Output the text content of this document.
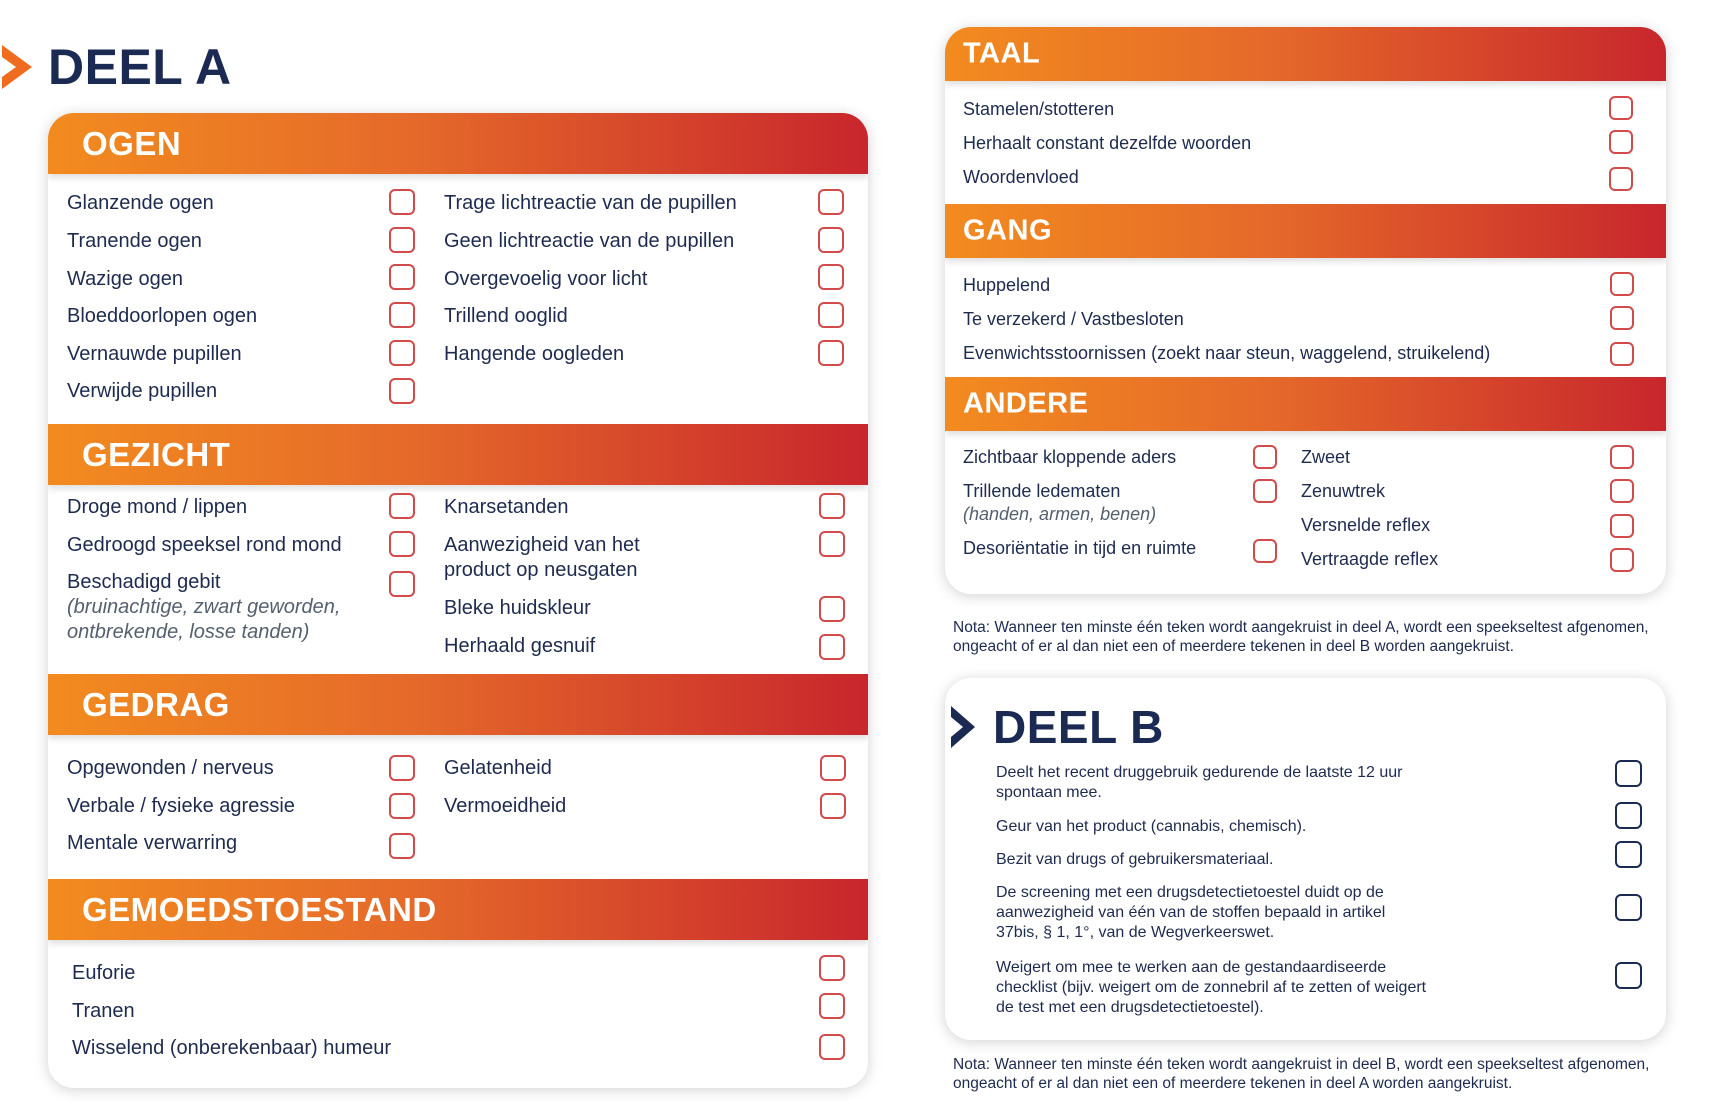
DEEL A
OGEN
Glanzende ogen
Tranende ogen
Wazige ogen
Bloeddoorlopen ogen
Vernauwde pupillen
Verwijde pupillen
Trage lichtreactie van de pupillen
Geen lichtreactie van de pupillen
Overgevoelig voor licht
Trillend ooglid
Hangende oogleden
GEZICHT
Droge mond / lippen
Gedroogd speeksel rond mond
Beschadigd gebit
(bruinachtige, zwart geworden,
ontbrekende, losse tanden)
Knarsetanden
Aanwezigheid van het
product op neusgaten
Bleke huidskleur
Herhaald gesnuif
GEDRAG
Opgewonden / nerveus
Verbale / fysieke agressie
Mentale verwarring
Gelatenheid
Vermoeidheid
GEMOEDSTOESTAND
Euforie
Tranen
Wisselend (onberekenbaar) humeur
TAAL
Stamelen/stotteren
Herhaalt constant dezelfde woorden
Woordenvloed
GANG
Huppelend
Te verzekerd / Vastbesloten
Evenwichtsstoornissen (zoekt naar steun, waggelend, struikelend)
ANDERE
Zichtbaar kloppende aders
Trillende ledematen
(handen, armen, benen)
Desoriëntatie in tijd en ruimte
Zweet
Zenuwtrek
Versnelde reflex
Vertraagde reflex
Nota: Wanneer ten minste één teken wordt aangekruist in deel A, wordt een speekseltest afgenomen,
ongeacht of er al dan niet een of meerdere tekenen in deel B worden aangekruist.
DEEL B
Deelt het recent druggebruik gedurende de laatste 12 uur
spontaan mee.
Geur van het product (cannabis, chemisch).
Bezit van drugs of gebruikersmateriaal.
De screening met een drugsdetectietoestel duidt op de
aanwezigheid van één van de stoffen bepaald in artikel
37bis, § 1, 1°, van de Wegverkeerswet.
Weigert om mee te werken aan de gestandaardiseerde
checklist (bijv. weigert om de zonnebril af te zetten of weigert
de test met een drugsdetectietoestel).
Nota: Wanneer ten minste één teken wordt aangekruist in deel B, wordt een speekseltest afgenomen,
ongeacht of er al dan niet een of meerdere tekenen in deel A worden aangekruist.
